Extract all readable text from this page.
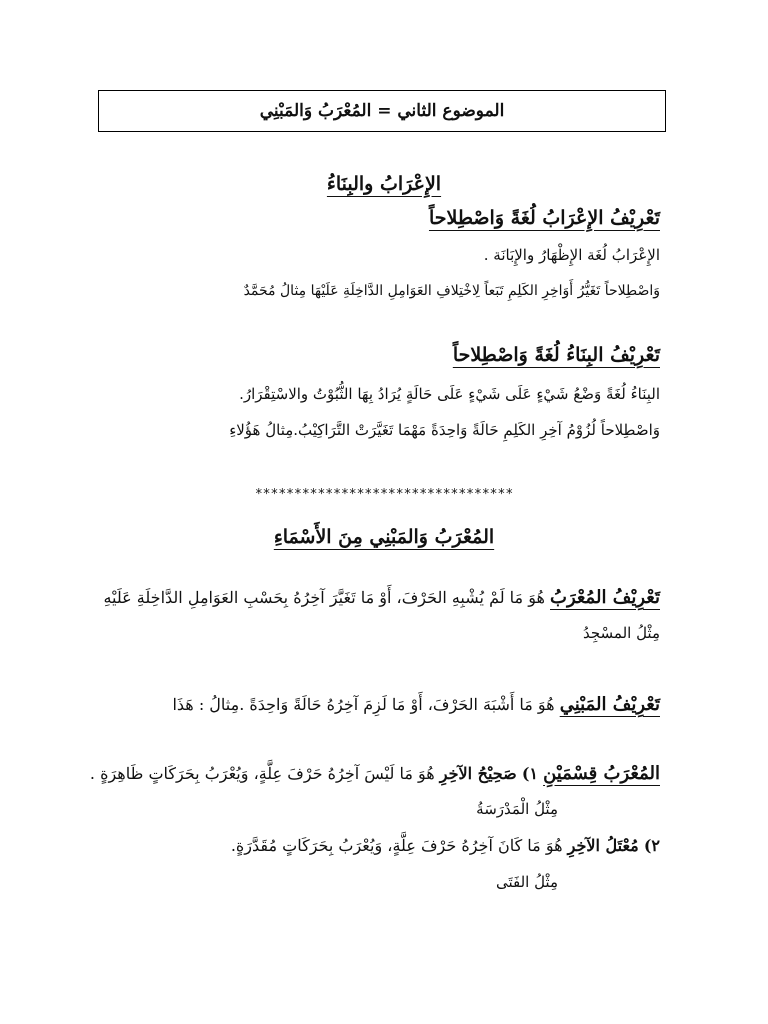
الموضوع الثاني = المُعْرَبُ وَالمَبْنِي
الإِعْرَابُ والبِنَاءُ
تَعْرِيْفُ الإِعْرَابُ لُغَةً وَاصْطِلاحاً
الإِعْرَابُ لُغَة الإِظْهَارُ والإِبَانَة .
وَاصْطِلاحاً تَغَيُّرُ أَوَاخِرِ الكَلِمِ تَبَعاً لِاخْتِلافِ العَوَامِلِ الدَّاخِلَةِ عَلَيْهَا مِثالُ مُحَمَّدٌ
تَعْرِيْفُ البِنَاءُ لُغَةً وَاصْطِلاحاً
البِنَاءُ لُغَةً وَضْعُ شَيْءٍ عَلَى شَيْءٍ عَلَى حَالَةٍ يُرَادُ بِهَا الثُّبُوْتُ والاسْتِقْرَارُ.
وَاصْطِلاحاً لُزُوْمُ آخِرِ الكَلِمِ حَالَةً وَاحِدَةً مَهْمَا تَغَيَّرَتْ التَّرَاكِيْبُ.مِثالُ هَؤُلاءِ
*********************************
المُعْرَبُ وَالمَبْنِي مِنَ الأَسْمَاءِ
تَعْرِيْفُ المُعْرَبُ هُوَ مَا لَمْ يُشْبِهِ الحَرْفَ، أَوْ مَا تَغَيَّرَ آخِرُهُ بِحَسْبِ العَوَامِلِ الدَّاخِلَةِ عَلَيْهِ
مِثْلُ المسْجِدُ
تَعْرِيْفُ المَبْنِي هُوَ مَا أَشْبَهَ الحَرْفَ، أَوْ مَا لَزِمَ آخِرُهُ حَالَةً وَاحِدَةً .مِثالُ : هَذَا
المُعْرَبُ قِسْمَيْنِ ١) صَحِيْحُ الآخِرِ هُوَ مَا لَيْسَ آخِرُهُ حَرْفَ عِلَّةٍ، وَيُعْرَبُ بِحَرَكَاتٍ ظَاهِرَةٍ .
مِثْلُ الْمَدْرَسَةُ
٢) مُعْتَلُ الآخِرِ هُوَ مَا كَانَ آخِرُهُ حَرْفَ عِلَّةٍ، وَيُعْرَبُ بِحَرَكَاتٍ مُقَدَّرَةٍ.
مِثْلُ الفَتَى
